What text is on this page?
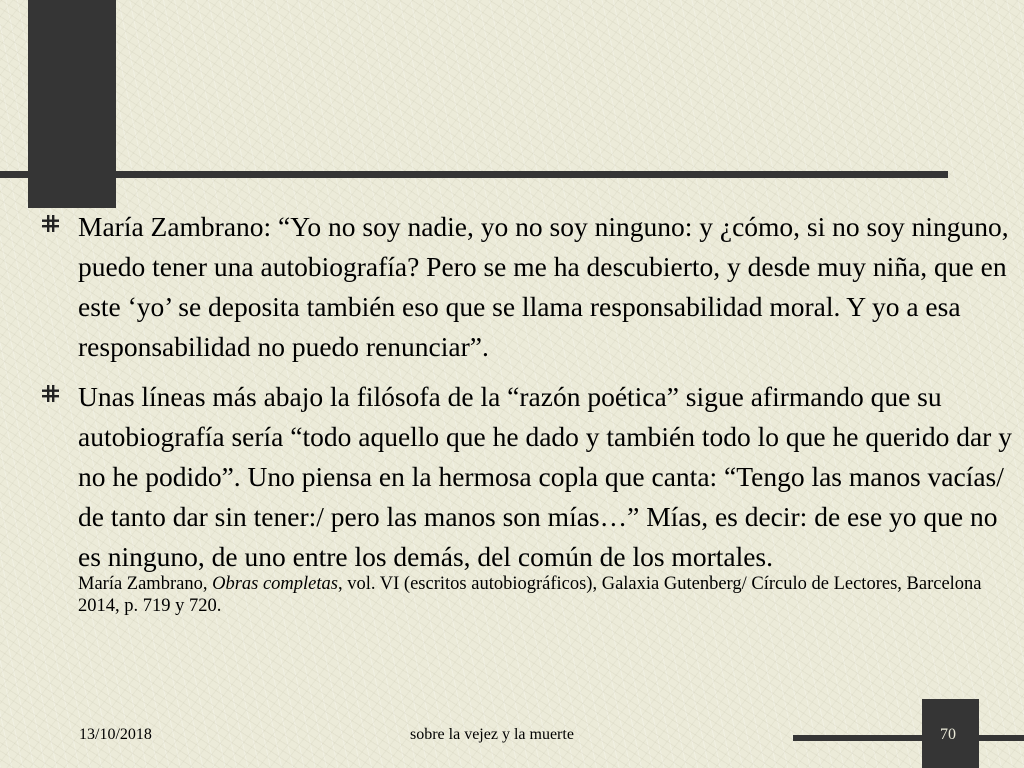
María Zambrano: “Yo no soy nadie, yo no soy ninguno: y ¿cómo, si no soy ninguno, puedo tener una autobiografía? Pero se me ha descubierto, y desde muy niña, que en este ‘yo’ se deposita también eso que se llama responsabilidad moral. Y yo a esa responsabilidad no puedo renunciar”.
Unas líneas más abajo la filósofa de la “razón poética” sigue afirmando que su autobiografía sería “todo aquello que he dado y también todo lo que he querido dar y no he podido”. Uno piensa en la hermosa copla que canta: “Tengo las manos vacías/ de tanto dar sin tener:/ pero las manos son mías…” Mías, es decir: de ese yo que no es ninguno, de uno entre los demás, del común de los mortales.
María Zambrano, Obras completas, vol. VI (escritos autobiográficos), Galaxia Gutenberg/ Círculo de Lectores, Barcelona 2014, p. 719 y 720.
13/10/2018	sobre la vejez y la muerte	70
